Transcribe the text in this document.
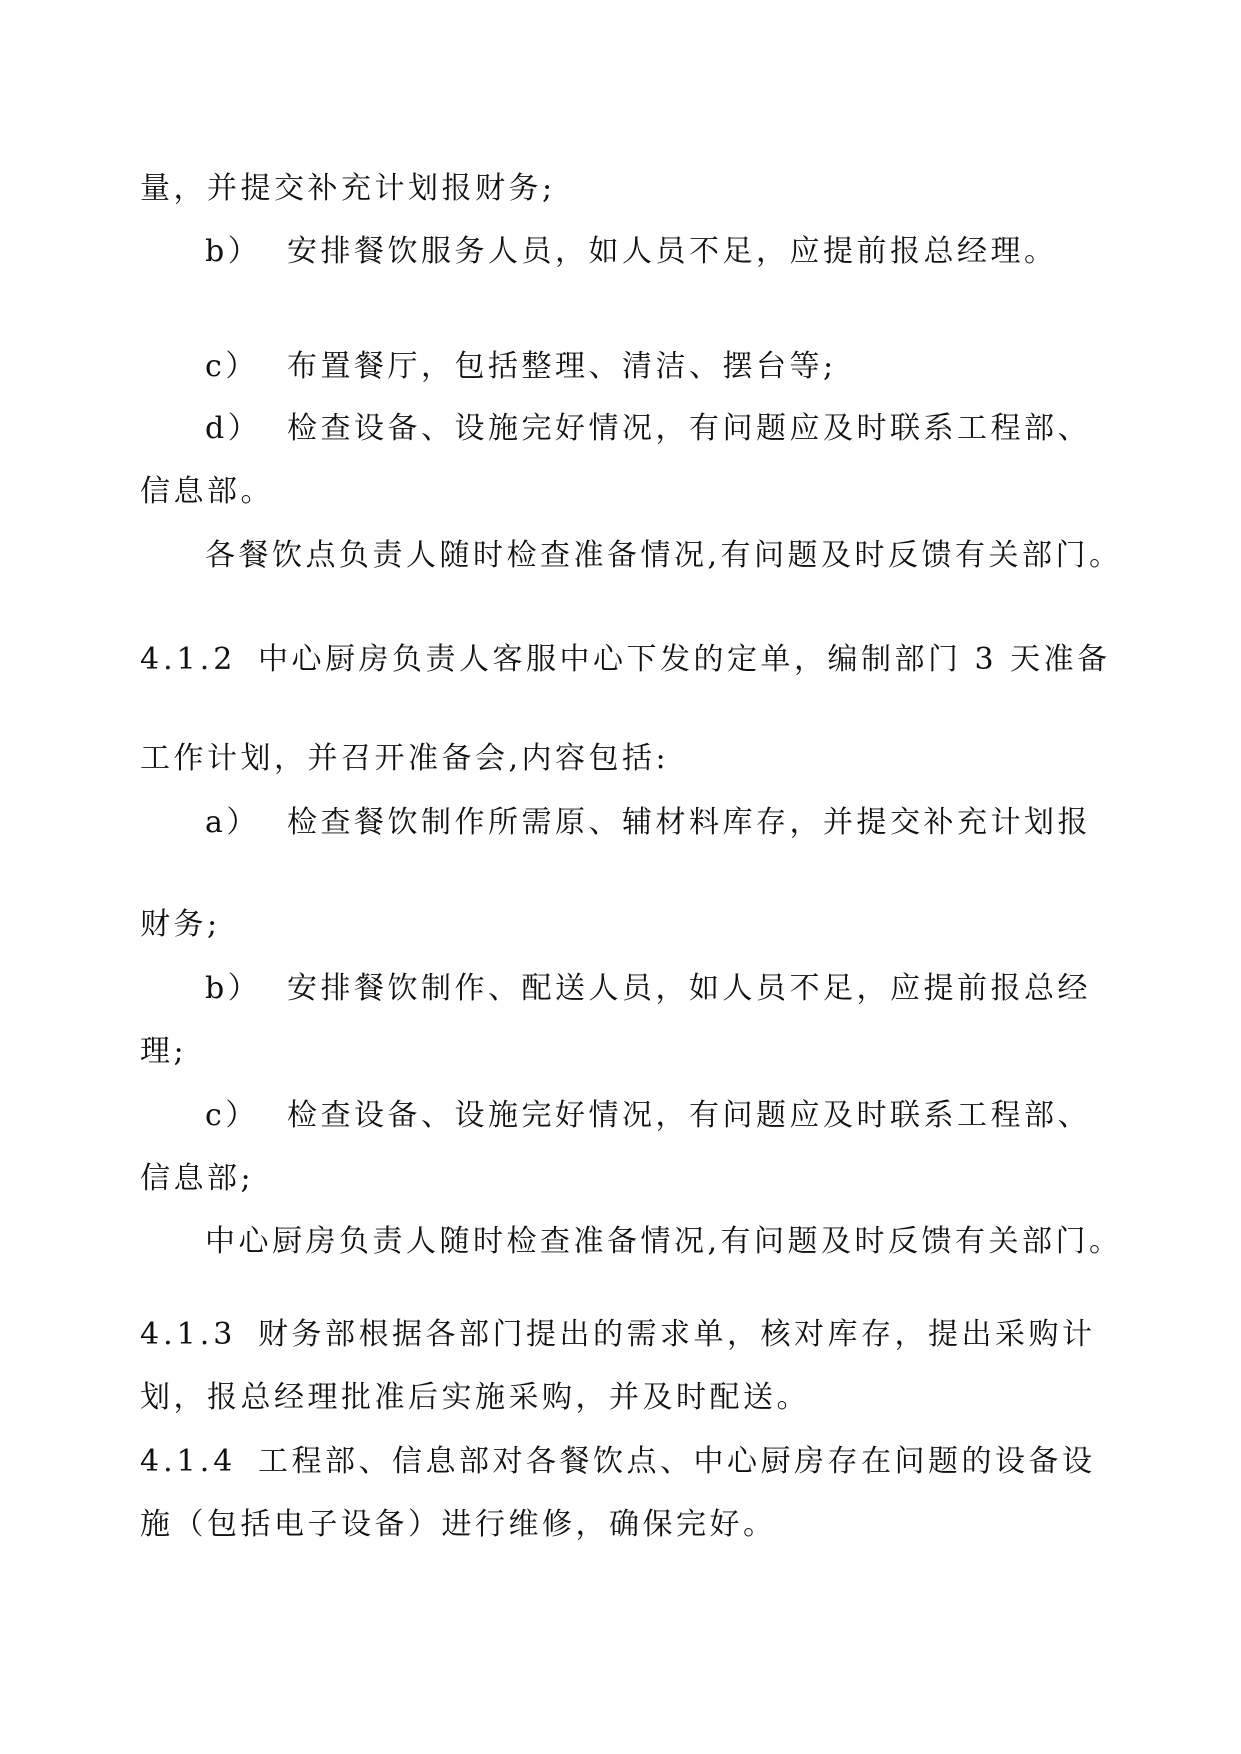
量，并提交补充计划报财务;
b） 安排餐饮服务人员，如人员不足，应提前报总经理。
c） 布置餐厅，包括整理、清洁、摆台等;
d） 检查设备、设施完好情况，有问题应及时联系工程部、
信息部。
各餐饮点负责人随时检查准备情况,有问题及时反馈有关部门。
4.1.2 中心厨房负责人客服中心下发的定单，编制部门 3 天准备
工作计划，并召开准备会,内容包括:
a） 检查餐饮制作所需原、辅材料库存，并提交补充计划报
财务;
b） 安排餐饮制作、配送人员，如人员不足，应提前报总经
理;
c） 检查设备、设施完好情况，有问题应及时联系工程部、
信息部;
中心厨房负责人随时检查准备情况,有问题及时反馈有关部门。
4.1.3 财务部根据各部门提出的需求单，核对库存，提出采购计
划，报总经理批准后实施采购，并及时配送。
4.1.4 工程部、信息部对各餐饮点、中心厨房存在问题的设备设
施（包括电子设备）进行维修，确保完好。
